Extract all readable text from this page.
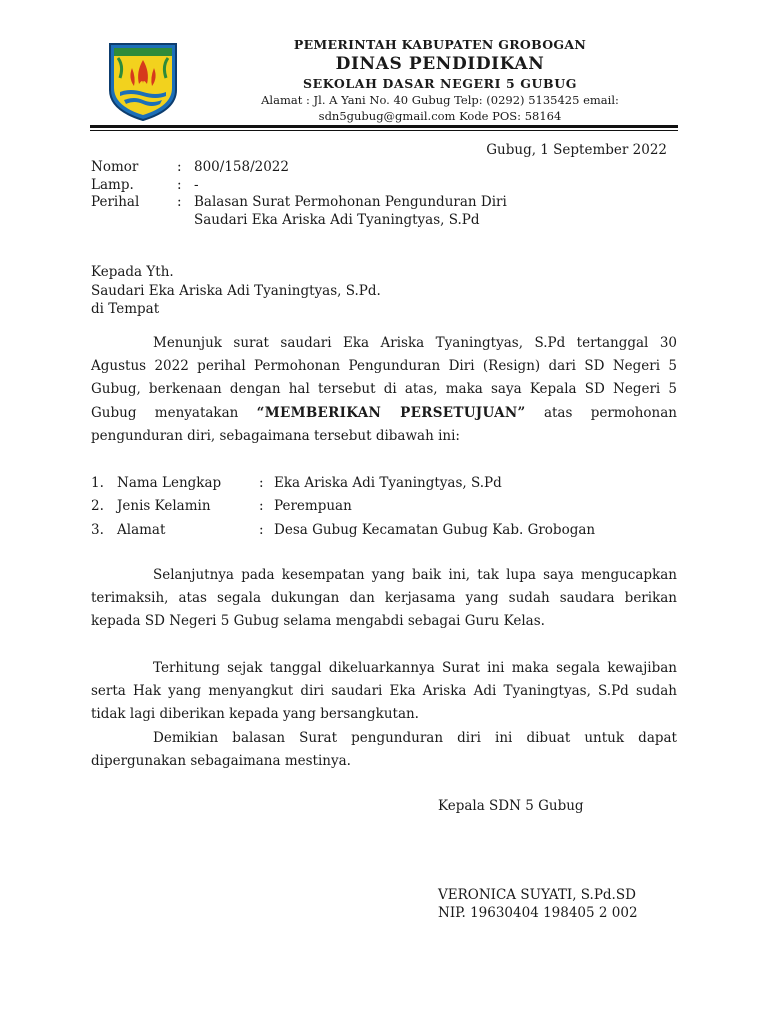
PEMERINTAH KABUPATEN GROBOGAN
DINAS PENDIDIKAN
SEKOLAH DASAR NEGERI 5 GUBUG
Alamat : Jl. A Yani No. 40 Gubug Telp: (0292) 5135425 email:
sdn5gubug@gmail.com Kode POS: 58164
Gubug, 1 September 2022
Nomor	: 800/158/2022
Lamp.	: -
Perihal	: Balasan Surat Permohonan Pengunduran Diri
Saudari Eka Ariska Adi Tyaningtyas, S.Pd
Kepada Yth.
Saudari Eka Ariska Adi Tyaningtyas, S.Pd.
di Tempat
Menunjuk surat saudari Eka Ariska Tyaningtyas, S.Pd tertanggal 30 Agustus 2022 perihal Permohonan Pengunduran Diri (Resign) dari SD Negeri 5 Gubug, berkenaan dengan hal tersebut di atas, maka saya Kepala SD Negeri 5 Gubug menyatakan “MEMBERIKAN PERSETUJUAN” atas permohonan pengunduran diri, sebagaimana tersebut dibawah ini:
1. Nama Lengkap	: Eka Ariska Adi Tyaningtyas, S.Pd
2. Jenis Kelamin	: Perempuan
3. Alamat	: Desa Gubug Kecamatan Gubug Kab. Grobogan
Selanjutnya pada kesempatan yang baik ini, tak lupa saya mengucapkan terimaksih, atas segala dukungan dan kerjasama yang sudah saudara berikan kepada SD Negeri 5 Gubug selama mengabdi sebagai Guru Kelas.
Terhitung sejak tanggal dikeluarkannya Surat ini maka segala kewajiban serta Hak yang menyangkut diri saudari Eka Ariska Adi Tyaningtyas, S.Pd sudah tidak lagi diberikan kepada yang bersangkutan.
Demikian balasan Surat pengunduran diri ini dibuat untuk dapat dipergunakan sebagaimana mestinya.
Kepala SDN 5 Gubug
VERONICA SUYATI, S.Pd.SD
NIP. 19630404 198405 2 002
